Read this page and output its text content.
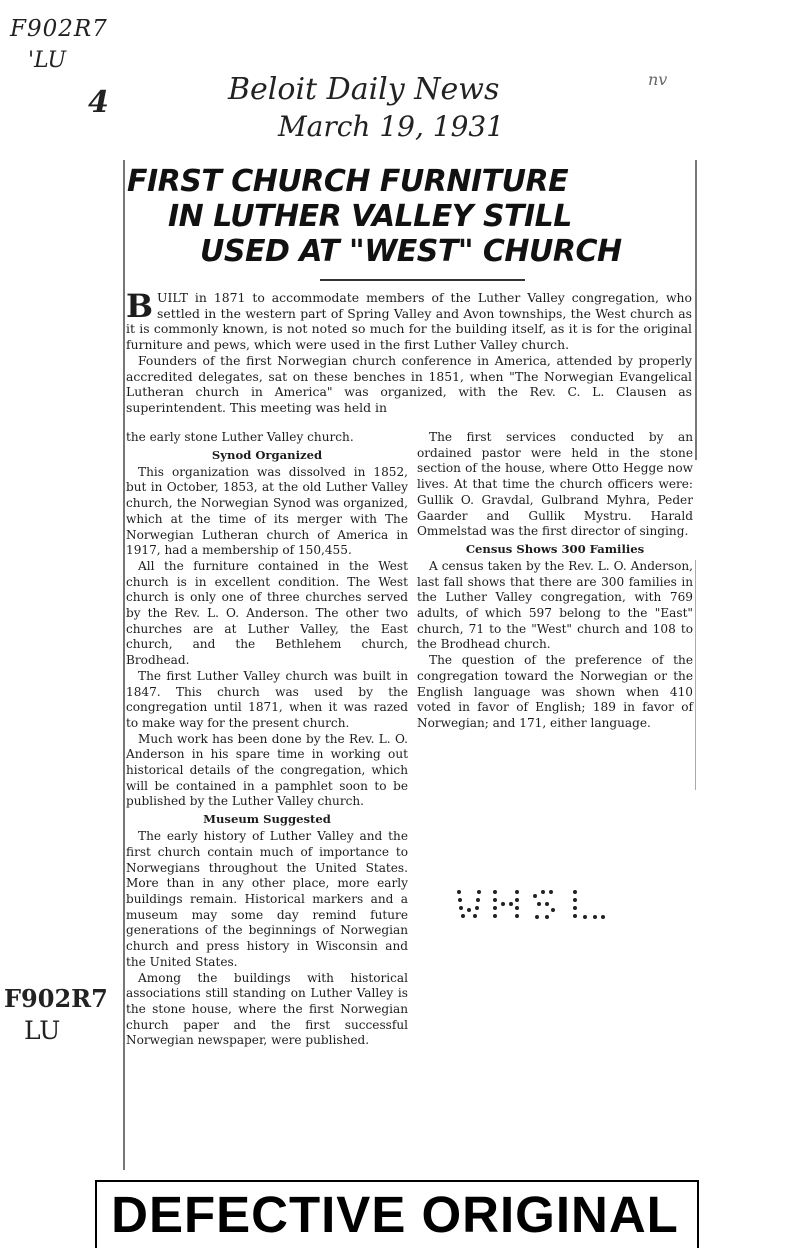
F902R7
'LU
4
nv
Beloit Daily News
March 19, 1931
F902R7
LU
FIRST CHURCH FURNITURE
IN LUTHER VALLEY STILL
USED AT "WEST" CHURCH

BUILT in 1871 to accommodate members of the Luther Valley congregation, who settled in the western part of Spring Valley and Avon townships, the West church as it is commonly known, is not noted so much for the building itself, as it is for the original furniture and pews, which were used in the first Luther Valley church.

Founders of the first Norwegian church conference in America, attended by properly accredited delegates, sat on these benches in 1851, when "The Norwegian Evangelical Lutheran church in America" was organized, with the Rev. C. L. Clausen as superintendent. This meeting was held in

the early stone Luther Valley church.

Synod Organized

This organization was dissolved in 1852, but in October, 1853, at the old Luther Valley church, the Norwegian Synod was organized, which at the time of its merger with The Norwegian Lutheran church of America in 1917, had a membership of 150,455.

All the furniture contained in the West church is in excellent condition. The West church is only one of three churches served by the Rev. L. O. Anderson. The other two churches are at Luther Valley, the East church, and the Bethlehem church, Brodhead.

The first Luther Valley church was built in 1847. This church was used by the congregation until 1871, when it was razed to make way for the present church.

Much work has been done by the Rev. L. O. Anderson in his spare time in working out historical details of the congregation, which will be contained in a pamphlet soon to be published by the Luther Valley church.

Museum Suggested

The early history of Luther Valley and the first church contain much of importance to Norwegians throughout the United States. More than in any other place, more early buildings remain. Historical markers and a museum may some day remind future generations of the beginnings of Norwegian church and press history in Wisconsin and the United States.

Among the buildings with historical associations still standing on Luther Valley is the stone house, where the first Norwegian church paper and the first successful Norwegian newspaper, were published.

The first services conducted by an ordained pastor were held in the stone section of the house, where Otto Hegge now lives. At that time the church officers were: Gullik O. Gravdal, Gulbrand Myhra, Peder Gaarder and Gullik Mystru. Harald Ommelstad was the first director of singing.

Census Shows 300 Families

A census taken by the Rev. L. O. Anderson, last fall shows that there are 300 families in the Luther Valley congregation, with 769 adults, of which 597 belong to the "East" church, 71 to the "West" church and 108 to the Brodhead church.

The question of the preference of the congregation toward the Norwegian or the English language was shown when 410 voted in favor of English; 189 in favor of Norwegian; and 171, either language.

DEFECTIVE ORIGINAL
